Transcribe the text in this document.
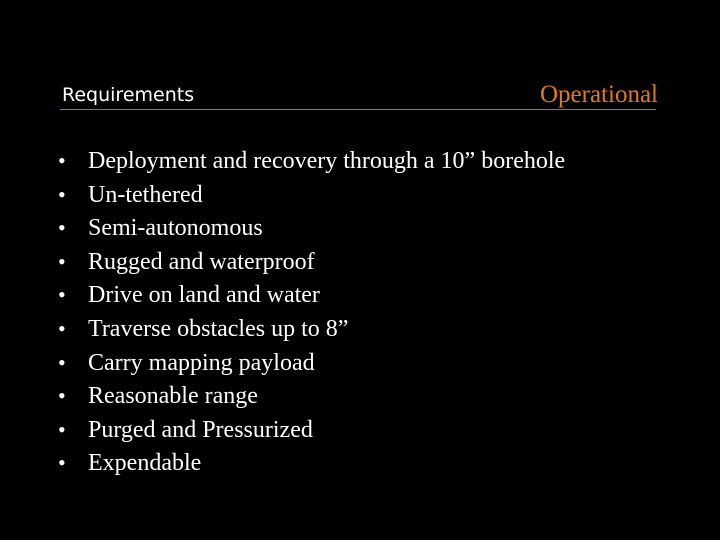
Requirements	Operational
• Deployment and recovery through a 10” borehole
• Un-tethered
• Semi-autonomous
• Rugged and waterproof
• Drive on land and water
• Traverse obstacles up to 8”
• Carry mapping payload
• Reasonable range
• Purged and Pressurized
• Expendable
